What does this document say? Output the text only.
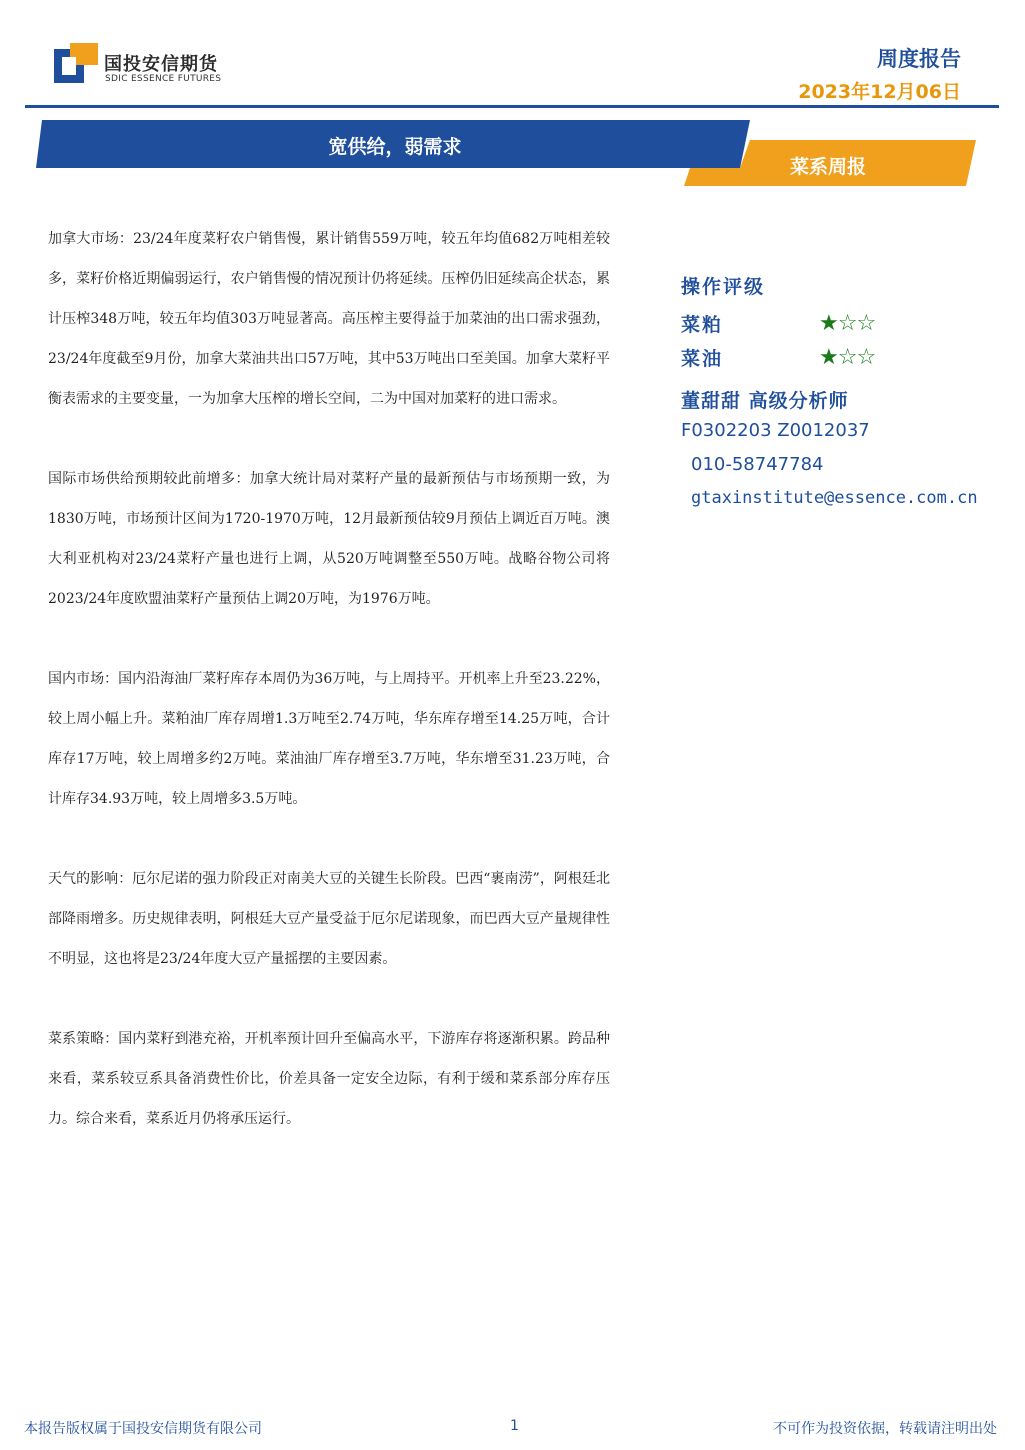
国投安信期货
SDIC ESSENCE FUTURES
周度报告
2023年12月06日
宽供给，弱需求
菜系周报

加拿大市场：23/24年度菜籽农户销售慢，累计销售559万吨，较五年均值682万吨相差较多，菜籽价格近期偏弱运行，农户销售慢的情况预计仍将延续。压榨仍旧延续高企状态，累计压榨348万吨，较五年均值303万吨显著高。高压榨主要得益于加菜油的出口需求强劲，23/24年度截至9月份，加拿大菜油共出口57万吨，其中53万吨出口至美国。加拿大菜籽平衡表需求的主要变量，一为加拿大压榨的增长空间，二为中国对加菜籽的进口需求。

国际市场供给预期较此前增多：加拿大统计局对菜籽产量的最新预估与市场预期一致，为1830万吨，市场预计区间为1720-1970万吨，12月最新预估较9月预估上调近百万吨。澳大利亚机构对23/24菜籽产量也进行上调，从520万吨调整至550万吨。战略谷物公司将2023/24年度欧盟油菜籽产量预估上调20万吨，为1976万吨。

国内市场：国内沿海油厂菜籽库存本周仍为36万吨，与上周持平。开机率上升至23.22%，较上周小幅上升。菜粕油厂库存周增1.3万吨至2.74万吨，华东库存增至14.25万吨，合计库存17万吨，较上周增多约2万吨。菜油油厂库存增至3.7万吨，华东增至31.23万吨，合计库存34.93万吨，较上周增多3.5万吨。

天气的影响：厄尔尼诺的强力阶段正对南美大豆的关键生长阶段。巴西“裹南涝”，阿根廷北部降雨增多。历史规律表明，阿根廷大豆产量受益于厄尔尼诺现象，而巴西大豆产量规律性不明显，这也将是23/24年度大豆产量摇摆的主要因素。

菜系策略：国内菜籽到港充裕，开机率预计回升至偏高水平，下游库存将逐渐积累。跨品种来看，菜系较豆系具备消费性价比，价差具备一定安全边际，有利于缓和菜系部分库存压力。综合来看，菜系近月仍将承压运行。

操作评级
菜粕	★☆☆
菜油	★☆☆
董甜甜 高级分析师
F0302203 Z0012037
010-58747784
gtaxinstitute@essence.com.cn
本报告版权属于国投安信期货有限公司	1	不可作为投资依据，转载请注明出处
